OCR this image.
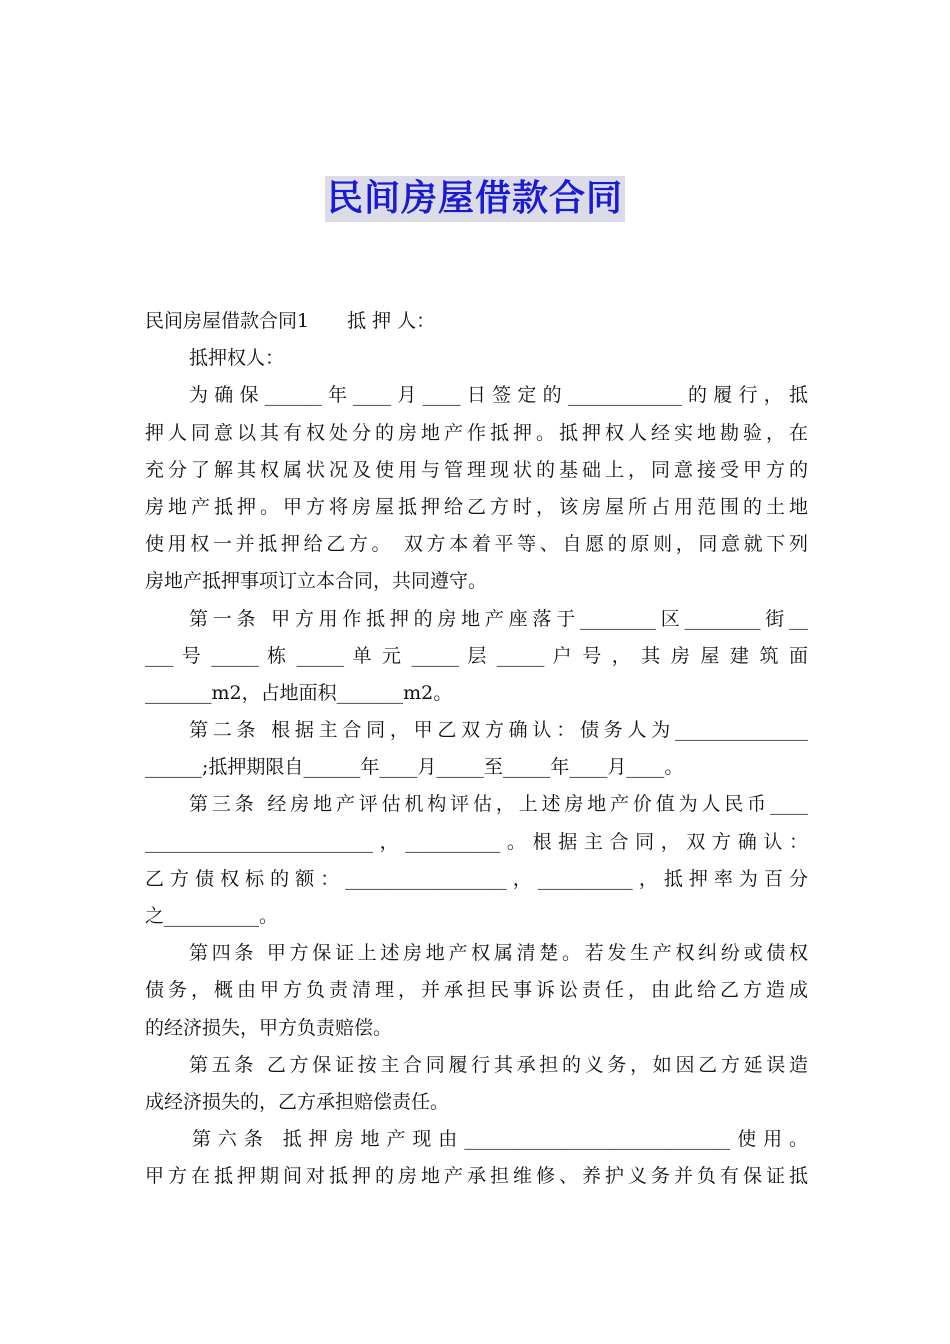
民间房屋借款合同
民间房屋借款合同1　　抵 押 人：
抵押权人：
为确保______年____月____日签定的____________的履行，抵
押人同意以其有权处分的房地产作抵押。抵押权人经实地勘验，在
充分了解其权属状况及使用与管理现状的基础上，同意接受甲方的
房地产抵押。甲方将房屋抵押给乙方时，该房屋所占用范围的土地
使用权一并抵押给乙方。 双方本着平等、自愿的原则，同意就下列
房地产抵押事项订立本合同，共同遵守。
第一条 甲方用作抵押的房地产座落于________区________街__
___ 号 _____ 栋 _____ 单 元 _____ 层 _____ 户 号 ， 其 房 屋 建 筑 面
_______m2，占地面积_______m2。
第二条 根据主合同，甲乙双方确认：债务人为______________
______;抵押期限自______年____月_____至_____年____月____。
第三条 经房地产评估机构评估，上述房地产价值为人民币____
________________________，__________。根据主合同，双方确认：
乙方债权标的额：_________________，__________，抵押率为百分
之__________。
第四条 甲方保证上述房地产权属清楚。若发生产权纠纷或债权
债务，概由甲方负责清理，并承担民事诉讼责任，由此给乙方造成
的经济损失，甲方负责赔偿。
第五条 乙方保证按主合同履行其承担的义务，如因乙方延误造
成经济损失的，乙方承担赔偿责任。
第六条 抵押房地产现由____________________________使用。
甲方在抵押期间对抵押的房地产承担维修、养护义务并负有保证抵
